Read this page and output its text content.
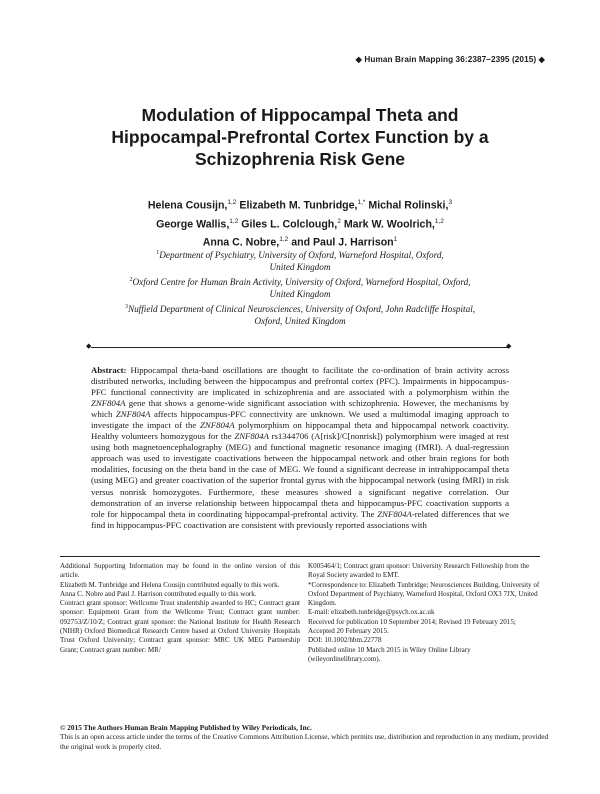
◆ Human Brain Mapping 36:2387–2395 (2015) ◆
Modulation of Hippocampal Theta and
Hippocampal-Prefrontal Cortex Function by a
Schizophrenia Risk Gene
Helena Cousijn,$^{1,2}$ Elizabeth M. Tunbridge,$^{1,*}$ Michal Rolinski,$^3$
George Wallis,$^{1,2}$ Giles L. Colclough,$^2$ Mark W. Woolrich,$^{1,2}$
Anna C. Nobre,$^{1,2}$ and Paul J. Harrison$^1$
$^1$Department of Psychiatry, University of Oxford, Warneford Hospital, Oxford,
United Kingdom
$^2$Oxford Centre for Human Brain Activity, University of Oxford, Warneford Hospital, Oxford,
United Kingdom
$^3$Nuffield Department of Clinical Neurosciences, University of Oxford, John Radcliffe Hospital,
Oxford, United Kingdom
◆	◆
Abstract: Hippocampal theta-band oscillations are thought to facilitate the co-ordination of brain activity across distributed networks, including between the hippocampus and prefrontal cortex (PFC). Impairments in hippocampus-PFC functional connectivity are implicated in schizophrenia and are associated with a polymorphism within the ZNF804A gene that shows a genome-wide significant association with schizophrenia. However, the mechanisms by which ZNF804A affects hippocampus-PFC connectivity are unknown. We used a multimodal imaging approach to investigate the impact of the ZNF804A polymorphism on hippocampal theta and hippocampal network coactivity. Healthy volunteers homozygous for the ZNF804A rs1344706 (A[risk]/C[nonrisk]) polymorphism were imaged at rest using both magnetoencephalography (MEG) and functional magnetic resonance imaging (fMRI). A dual-regression approach was used to investigate coactivations between the hippocampal network and other brain regions for both modalities, focusing on the theta band in the case of MEG. We found a significant decrease in intrahippocampal theta (using MEG) and greater coactivation of the superior frontal gyrus with the hippocampal network (using fMRI) in risk versus nonrisk homozygotes. Furthermore, these measures showed a significant negative correlation. Our demonstration of an inverse relationship between hippocampal theta and hippocampus-PFC coactivation supports a role for hippocampal theta in coordinating hippocampal-prefrontal activity. The ZNF804A-related differences that we find in hippocampus-PFC coactivation are consistent with previously reported associations with

Additional Supporting Information may be found in the online version of this article.

Elizabeth M. Tunbridge and Helena Cousijn contributed equally to this work.

Anna C. Nobre and Paul J. Harrison contributed equally to this work.

Contract grant sponsor: Wellcome Trust studentship awarded to HC; Contract grant sponsor: Equipment Grant from the Wellcome Trust; Contract grant number: 092753/Z/10/Z; Contract grant sponsor: the National Institute for Health Research (NIHR) Oxford Biomedical Research Centre based at Oxford University Hospitals Trust Oxford University; Contract grant sponsor: MRC UK MEG Partnership Grant; Contract grant number: MR/

K005464/1; Contract grant sponsor: University Research Fellowship from the Royal Society awarded to EMT.

*Correspondence to: Elizabeth Tunbridge; Neurosciences Building, University of Oxford Department of Psychiatry, Warneford Hospital, Oxford OX3 7JX, United Kingdom.

E-mail: elizabeth.tunbridge@psych.ox.ac.uk

Received for publication 10 September 2014; Revised 19 February 2015; Accepted 20 February 2015.

DOI: 10.1002/hbm.22778

Published online 10 March 2015 in Wiley Online Library (wileyonlinelibrary.com).

© 2015 The Authors Human Brain Mapping Published by Wiley Periodicals, Inc.
This is an open access article under the terms of the Creative Commons Attribution License, which permits use, distribution and reproduction in any medium, provided the original work is properly cited.
